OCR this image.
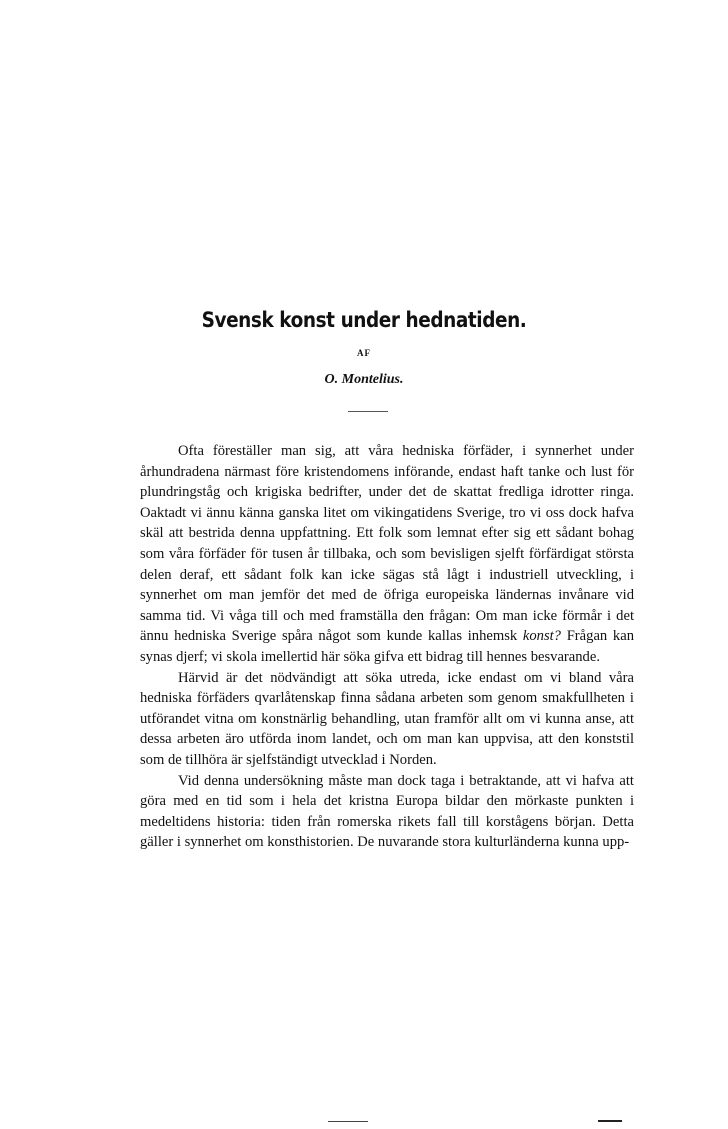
Svensk konst under hednatiden.
AF
O. Montelius.

Ofta föreställer man sig, att våra hedniska förfäder, i synnerhet under århundradena närmast före kristendomens införande, endast haft tanke och lust för plundringståg och krigiska bedrifter, under det de skattat fredliga idrotter ringa. Oaktadt vi ännu känna ganska litet om vikingatidens Sverige, tro vi oss dock hafva skäl att bestrida denna uppfattning. Ett folk som lemnat efter sig ett sådant bohag som våra förfäder för tusen år tillbaka, och som bevisligen sjelft förfärdigat största delen deraf, ett sådant folk kan icke sägas stå lågt i industriell utveckling, i synnerhet om man jemför det med de öfriga europeiska ländernas invånare vid samma tid. Vi våga till och med framställa den frågan: Om man icke förmår i det ännu hedniska Sverige spåra något som kunde kallas inhemsk konst? Frågan kan synas djerf; vi skola imellertid här söka gifva ett bidrag till hennes besvarande.

Härvid är det nödvändigt att söka utreda, icke endast om vi bland våra hedniska förfäders qvarlåtenskap finna sådana arbeten som genom smakfullheten i utförandet vitna om konstnärlig behandling, utan framför allt om vi kunna anse, att dessa arbeten äro utförda inom landet, och om man kan uppvisa, att den konststil som de tillhöra är sjelfständigt utvecklad i Norden.

Vid denna undersökning måste man dock taga i betraktande, att vi hafva att göra med en tid som i hela det kristna Europa bildar den mörkaste punkten i medeltidens historia: tiden från romerska rikets fall till korstågens början. Detta gäller i synnerhet om konsthistorien. De nuvarande stora kulturländerna kunna upp-
